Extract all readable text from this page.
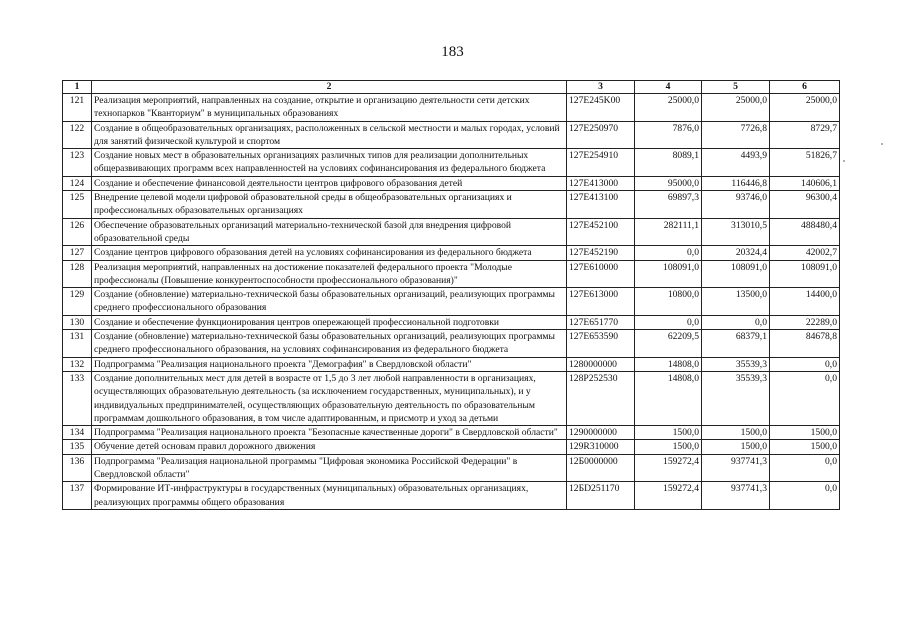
183
1	2	3	4	5	6
121	Реализация мероприятий, направленных на создание, открытие и организацию деятельности сети детских технопарков "Кванториум" в муниципальных образованиях	127E245K00	25000,0	25000,0	25000,0
122	Создание в общеобразовательных организациях, расположенных в сельской местности и малых городах, условий для занятий физической культурой и спортом	127E250970	7876,0	7726,8	8729,7
123	Создание новых мест в образовательных организациях различных типов для реализации дополнительных общеразвивающих программ всех направленностей на условиях софинансирования из федерального бюджета	127E254910	8089,1	4493,9	51826,7
124	Создание и обеспечение финансовой деятельности центров цифрового образования детей	127E413000	95000,0	116446,8	140606,1
125	Внедрение целевой модели цифровой образовательной среды в общеобразовательных организациях и профессиональных образовательных организациях	127E413100	69897,3	93746,0	96300,4
126	Обеспечение образовательных организаций материально-технической базой для внедрения цифровой образовательной среды	127E452100	282111,1	313010,5	488480,4
127	Создание центров цифрового образования детей на условиях софинансирования из федерального бюджета	127E452190	0,0	20324,4	42002,7
128	Реализация мероприятий, направленных на достижение показателей федерального проекта "Молодые профессионалы (Повышение конкурентоспособности профессионального образования)"	127E610000	108091,0	108091,0	108091,0
129	Создание (обновление) материально-технической базы образовательных организаций, реализующих программы среднего профессионального образования	127E613000	10800,0	13500,0	14400,0
130	Создание и обеспечение функционирования центров опережающей профессиональной подготовки	127E651770	0,0	0,0	22289,0
131	Создание (обновление) материально-технической базы образовательных организаций, реализующих программы среднего профессионального образования, на условиях софинансирования из федерального бюджета	127E653590	62209,5	68379,1	84678,8
132	Подпрограмма "Реализация национального проекта "Демография" в Свердловской области"	1280000000	14808,0	35539,3	0,0
133	Создание дополнительных мест для детей в возрасте от 1,5 до 3 лет любой направленности в организациях, осуществляющих образовательную деятельность (за исключением государственных, муниципальных), и у индивидуальных предпринимателей, осуществляющих образовательную деятельность по образовательным программам дошкольного образования, в том числе адаптированным, и присмотр и уход за детьми	128P252530	14808,0	35539,3	0,0
134	Подпрограмма "Реализация национального проекта "Безопасные качественные дороги" в Свердловской области"	1290000000	1500,0	1500,0	1500,0
135	Обучение детей основам правил дорожного движения	129R310000	1500,0	1500,0	1500,0
136	Подпрограмма "Реализация национальной программы "Цифровая экономика Российской Федерации" в Свердловской области"	12Б0000000	159272,4	937741,3	0,0
137	Формирование ИТ-инфраструктуры в государственных (муниципальных) образовательных организациях, реализующих программы общего образования	12БD251170	159272,4	937741,3	0,0
